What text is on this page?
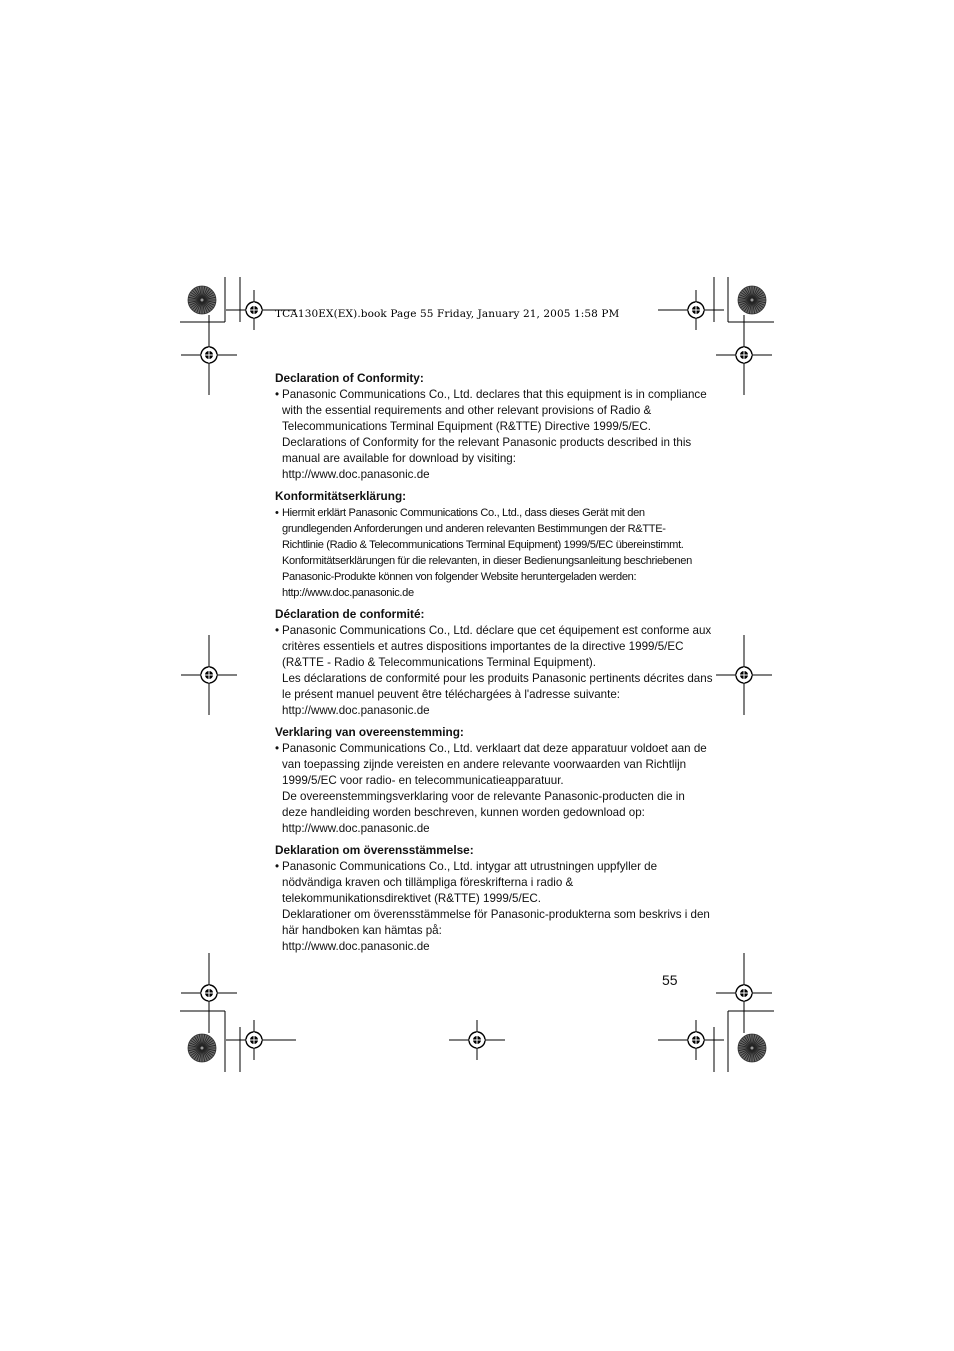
TCA130EX(EX).book Page 55 Friday, January 21, 2005 1:58 PM
Declaration of Conformity:
• Panasonic Communications Co., Ltd. declares that this equipment is in compliance
with the essential requirements and other relevant provisions of Radio &
Telecommunications Terminal Equipment (R&TTE) Directive 1999/5/EC.
Declarations of Conformity for the relevant Panasonic products described in this
manual are available for download by visiting:
http://www.doc.panasonic.de
Konformitätserklärung:
• Hiermit erklärt Panasonic Communications Co., Ltd., dass dieses Gerät mit den
grundlegenden Anforderungen und anderen relevanten Bestimmungen der R&TTE-
Richtlinie (Radio & Telecommunications Terminal Equipment) 1999/5/EC übereinstimmt.
Konformitätserklärungen für die relevanten, in dieser Bedienungsanleitung beschriebenen
Panasonic-Produkte können von folgender Website heruntergeladen werden:
http://www.doc.panasonic.de
Déclaration de conformité:
• Panasonic Communications Co., Ltd. déclare que cet équipement est conforme aux
critères essentiels et autres dispositions importantes de la directive 1999/5/EC
(R&TTE - Radio & Telecommunications Terminal Equipment).
Les déclarations de conformité pour les produits Panasonic pertinents décrites dans
le présent manuel peuvent être téléchargées à l'adresse suivante:
http://www.doc.panasonic.de
Verklaring van overeenstemming:
• Panasonic Communications Co., Ltd. verklaart dat deze apparatuur voldoet aan de
van toepassing zijnde vereisten en andere relevante voorwaarden van Richtlijn
1999/5/EC voor radio- en telecommunicatieapparatuur.
De overeenstemmingsverklaring voor de relevante Panasonic-producten die in
deze handleiding worden beschreven, kunnen worden gedownload op:
http://www.doc.panasonic.de
Deklaration om överensstämmelse:
• Panasonic Communications Co., Ltd. intygar att utrustningen uppfyller de
nödvändiga kraven och tillämpliga föreskrifterna i radio &
telekommunikationsdirektivet (R&TTE) 1999/5/EC.
Deklarationer om överensstämmelse för Panasonic-produkterna som beskrivs i den
här handboken kan hämtas på:
http://www.doc.panasonic.de
55
